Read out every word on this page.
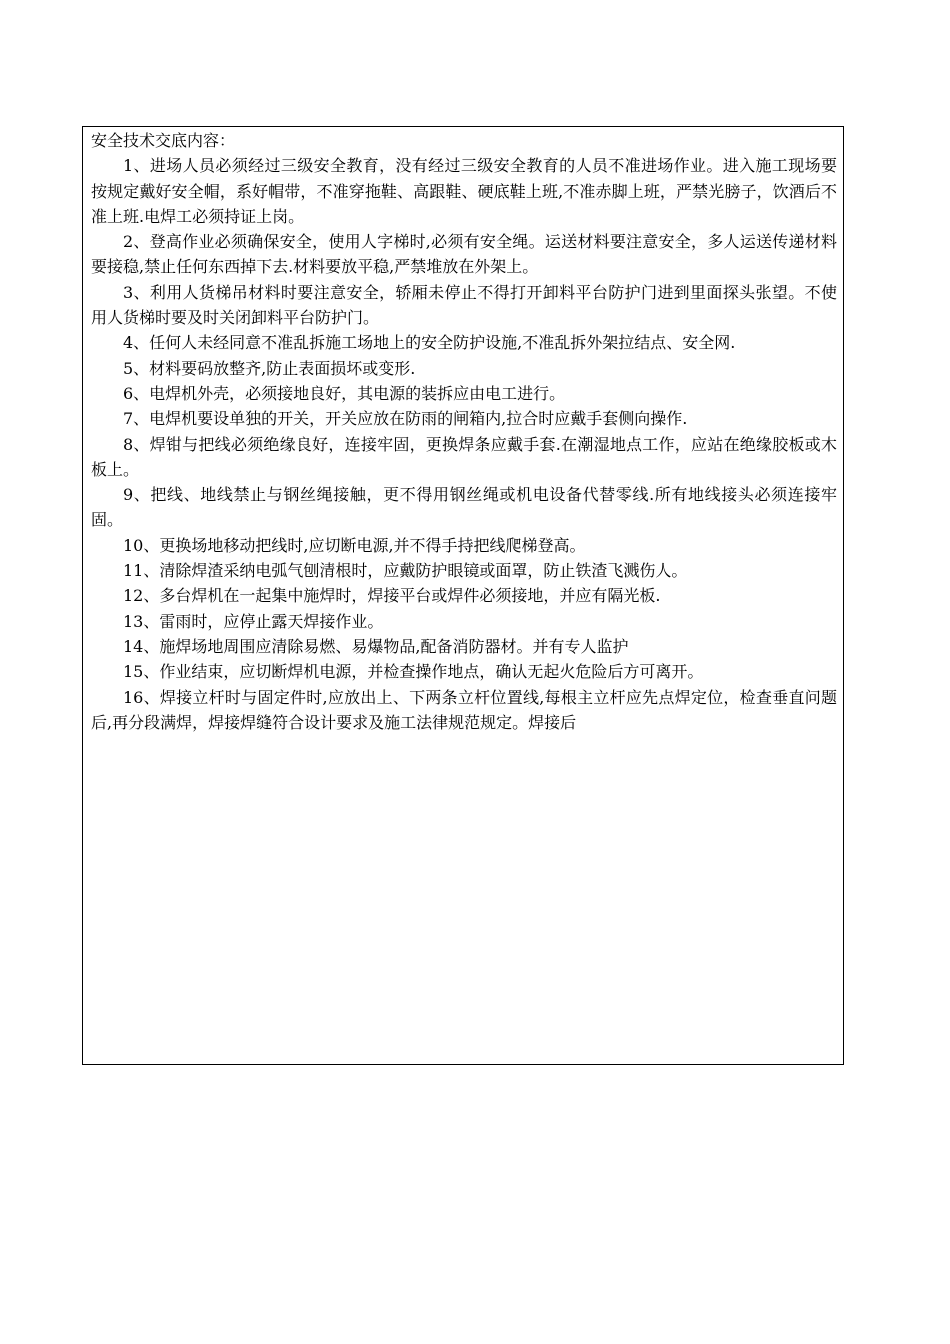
安全技术交底内容：

1、进场人员必须经过三级安全教育，没有经过三级安全教育的人员不准进场作业。进入施工现场要按规定戴好安全帽，系好帽带，不准穿拖鞋、高跟鞋、硬底鞋上班,不准赤脚上班，严禁光膀子，饮酒后不准上班.电焊工必须持证上岗。

2、登高作业必须确保安全，使用人字梯时,必须有安全绳。运送材料要注意安全，多人运送传递材料要接稳,禁止任何东西掉下去.材料要放平稳,严禁堆放在外架上。

3、利用人货梯吊材料时要注意安全，轿厢未停止不得打开卸料平台防护门进到里面探头张望。不使用人货梯时要及时关闭卸料平台防护门。

4、任何人未经同意不准乱拆施工场地上的安全防护设施,不准乱拆外架拉结点、安全网.

5、材料要码放整齐,防止表面损坏或变形.

6、电焊机外壳，必须接地良好，其电源的装拆应由电工进行。

7、电焊机要设单独的开关，开关应放在防雨的闸箱内,拉合时应戴手套侧向操作.

8、焊钳与把线必须绝缘良好，连接牢固，更换焊条应戴手套.在潮湿地点工作，应站在绝缘胶板或木板上。

9、把线、地线禁止与钢丝绳接触，更不得用钢丝绳或机电设备代替零线.所有地线接头必须连接牢固。

10、更换场地移动把线时,应切断电源,并不得手持把线爬梯登高。

11、清除焊渣采纳电弧气刨清根时，应戴防护眼镜或面罩，防止铁渣飞溅伤人。

12、多台焊机在一起集中施焊时，焊接平台或焊件必须接地，并应有隔光板.

13、雷雨时，应停止露天焊接作业。

14、施焊场地周围应清除易燃、易爆物品,配备消防器材。并有专人监护

15、作业结束，应切断焊机电源，并检查操作地点，确认无起火危险后方可离开。

16、焊接立杆时与固定件时,应放出上、下两条立杆位置线,每根主立杆应先点焊定位，检查垂直问题后,再分段满焊，焊接焊缝符合设计要求及施工法律规范规定。焊接后
